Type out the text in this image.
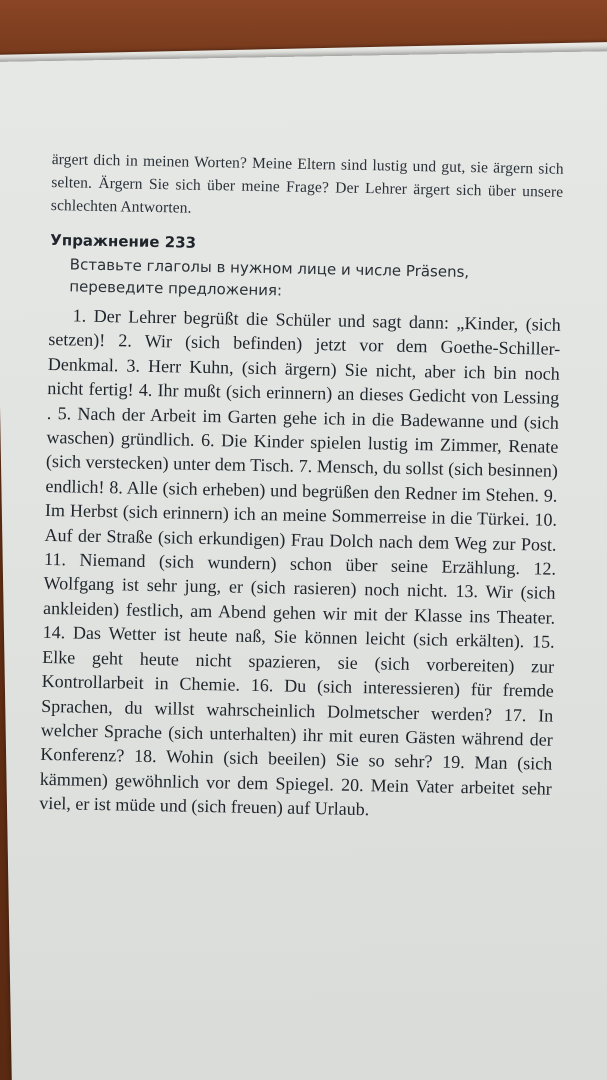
ärgert dich in meinen Worten? Meine Eltern sind lustig und gut, sie ärgern sich selten. Ärgern Sie sich über meine Frage? Der Lehrer ärgert sich über unsere schlechten Antworten.

Упражнение 233

Вставьте глаголы в нужном лице и числе Präsens, переведите предложения:

1. Der Lehrer begrüßt die Schüler und sagt dann: „Kinder, (sich setzen)! 2. Wir (sich befinden) jetzt vor dem Goethe-Schiller-Denkmal. 3. Herr Kuhn, (sich ärgern) Sie nicht, aber ich bin noch nicht fertig! 4. Ihr mußt (sich erinnern) an dieses Gedicht von Lessing . 5. Nach der Arbeit im Garten gehe ich in die Badewanne und (sich waschen) gründlich. 6. Die Kinder spielen lustig im Zimmer, Renate (sich verstecken) unter dem Tisch. 7. Mensch, du sollst (sich besinnen) endlich! 8. Alle (sich erheben) und begrüßen den Redner im Stehen. 9. Im Herbst (sich erinnern) ich an meine Sommerreise in die Türkei. 10. Auf der Straße (sich erkundigen) Frau Dolch nach dem Weg zur Post. 11. Niemand (sich wundern) schon über seine Erzählung. 12. Wolfgang ist sehr jung, er (sich rasieren) noch nicht. 13. Wir (sich ankleiden) festlich, am Abend gehen wir mit der Klasse ins Theater. 14. Das Wetter ist heute naß, Sie können leicht (sich erkälten). 15. Elke geht heute nicht spazieren, sie (sich vorbereiten) zur Kontrollarbeit in Chemie. 16. Du (sich interessieren) für fremde Sprachen, du willst wahrscheinlich Dolmetscher werden? 17. In welcher Sprache (sich unterhalten) ihr mit euren Gästen während der Konferenz? 18. Wohin (sich beeilen) Sie so sehr? 19. Man (sich kämmen) gewöhnlich vor dem Spiegel. 20. Mein Vater arbeitet sehr viel, er ist müde und (sich freuen) auf Urlaub.
